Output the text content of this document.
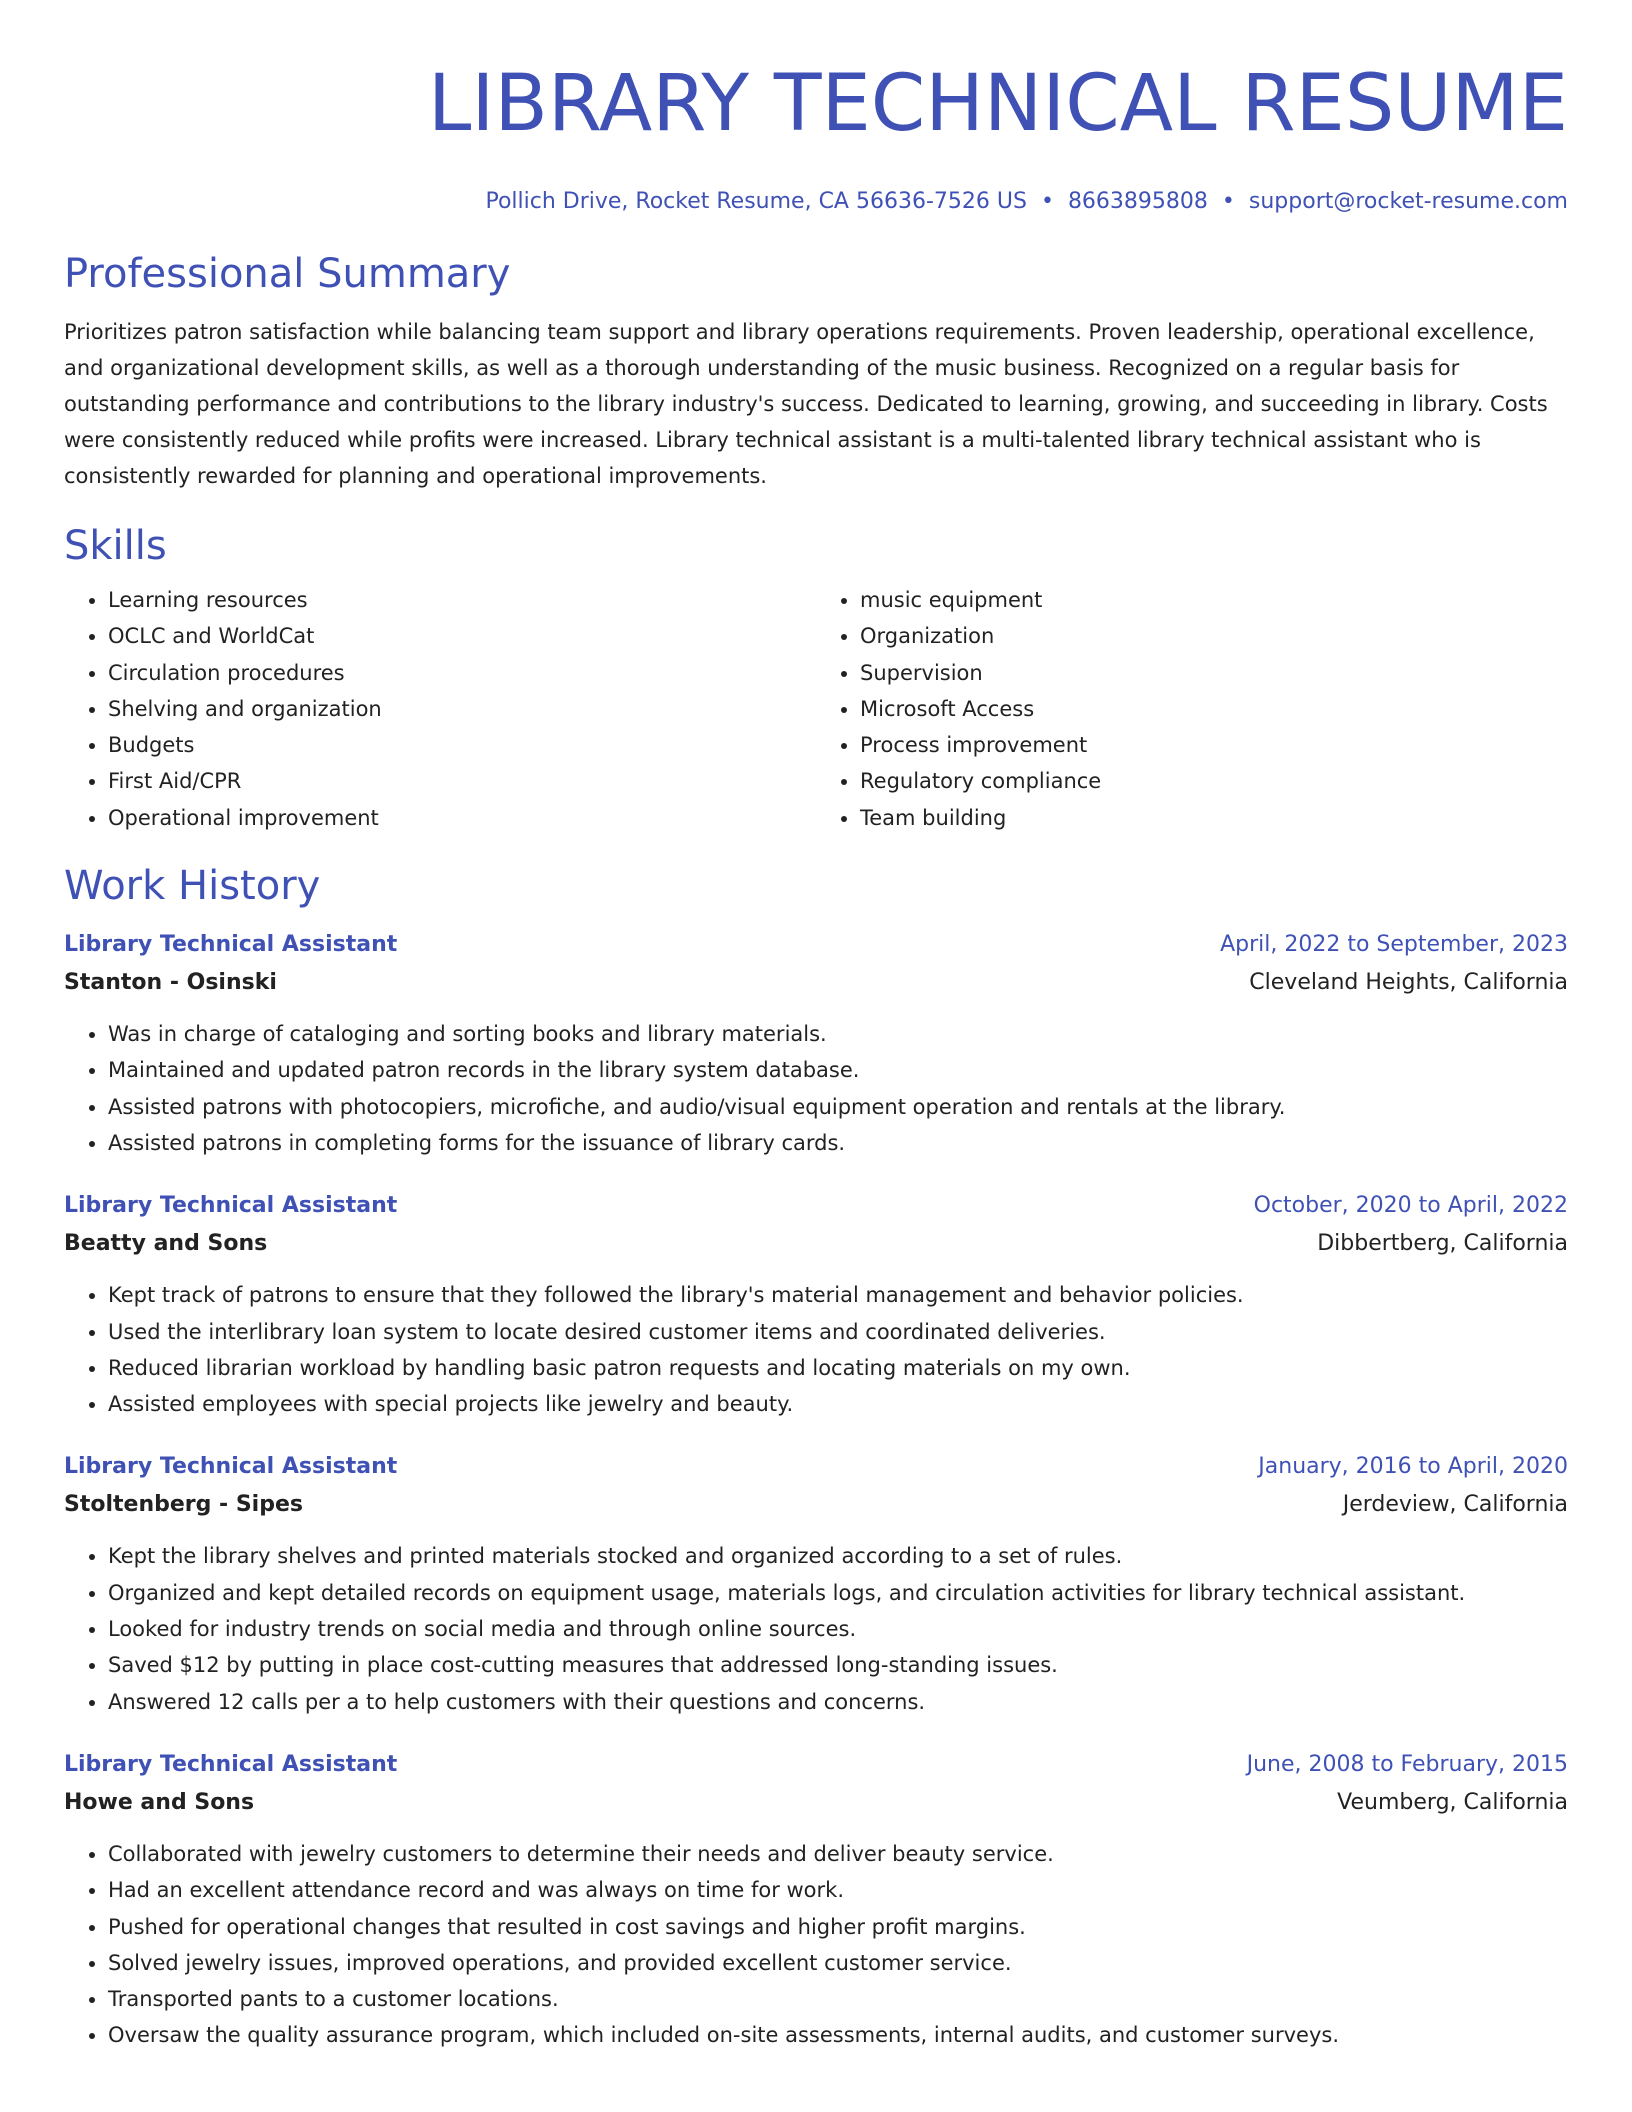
LIBRARY TECHNICAL RESUME
Pollich Drive, Rocket Resume, CA 56636-7526 US • 8663895808 • support@rocket-resume.com
Professional Summary
Prioritizes patron satisfaction while balancing team support and library operations requirements. Proven leadership, operational excellence, and organizational development skills, as well as a thorough understanding of the music business. Recognized on a regular basis for outstanding performance and contributions to the library industry's success. Dedicated to learning, growing, and succeeding in library. Costs were consistently reduced while profits were increased. Library technical assistant is a multi-talented library technical assistant who is consistently rewarded for planning and operational improvements.
Skills
• Learning resources
• OCLC and WorldCat
• Circulation procedures
• Shelving and organization
• Budgets
• First Aid/CPR
• Operational improvement
• music equipment
• Organization
• Supervision
• Microsoft Access
• Process improvement
• Regulatory compliance
• Team building
Work History
Library Technical Assistant	April, 2022 to September, 2023
Stanton - Osinski	Cleveland Heights, California
• Was in charge of cataloging and sorting books and library materials.
• Maintained and updated patron records in the library system database.
• Assisted patrons with photocopiers, microfiche, and audio/visual equipment operation and rentals at the library.
• Assisted patrons in completing forms for the issuance of library cards.
Library Technical Assistant	October, 2020 to April, 2022
Beatty and Sons	Dibbertberg, California
• Kept track of patrons to ensure that they followed the library's material management and behavior policies.
• Used the interlibrary loan system to locate desired customer items and coordinated deliveries.
• Reduced librarian workload by handling basic patron requests and locating materials on my own.
• Assisted employees with special projects like jewelry and beauty.
Library Technical Assistant	January, 2016 to April, 2020
Stoltenberg - Sipes	Jerdeview, California
• Kept the library shelves and printed materials stocked and organized according to a set of rules.
• Organized and kept detailed records on equipment usage, materials logs, and circulation activities for library technical assistant.
• Looked for industry trends on social media and through online sources.
• Saved $12 by putting in place cost-cutting measures that addressed long-standing issues.
• Answered 12 calls per a to help customers with their questions and concerns.
Library Technical Assistant	June, 2008 to February, 2015
Howe and Sons	Veumberg, California
• Collaborated with jewelry customers to determine their needs and deliver beauty service.
• Had an excellent attendance record and was always on time for work.
• Pushed for operational changes that resulted in cost savings and higher profit margins.
• Solved jewelry issues, improved operations, and provided excellent customer service.
• Transported pants to a customer locations.
• Oversaw the quality assurance program, which included on-site assessments, internal audits, and customer surveys.
